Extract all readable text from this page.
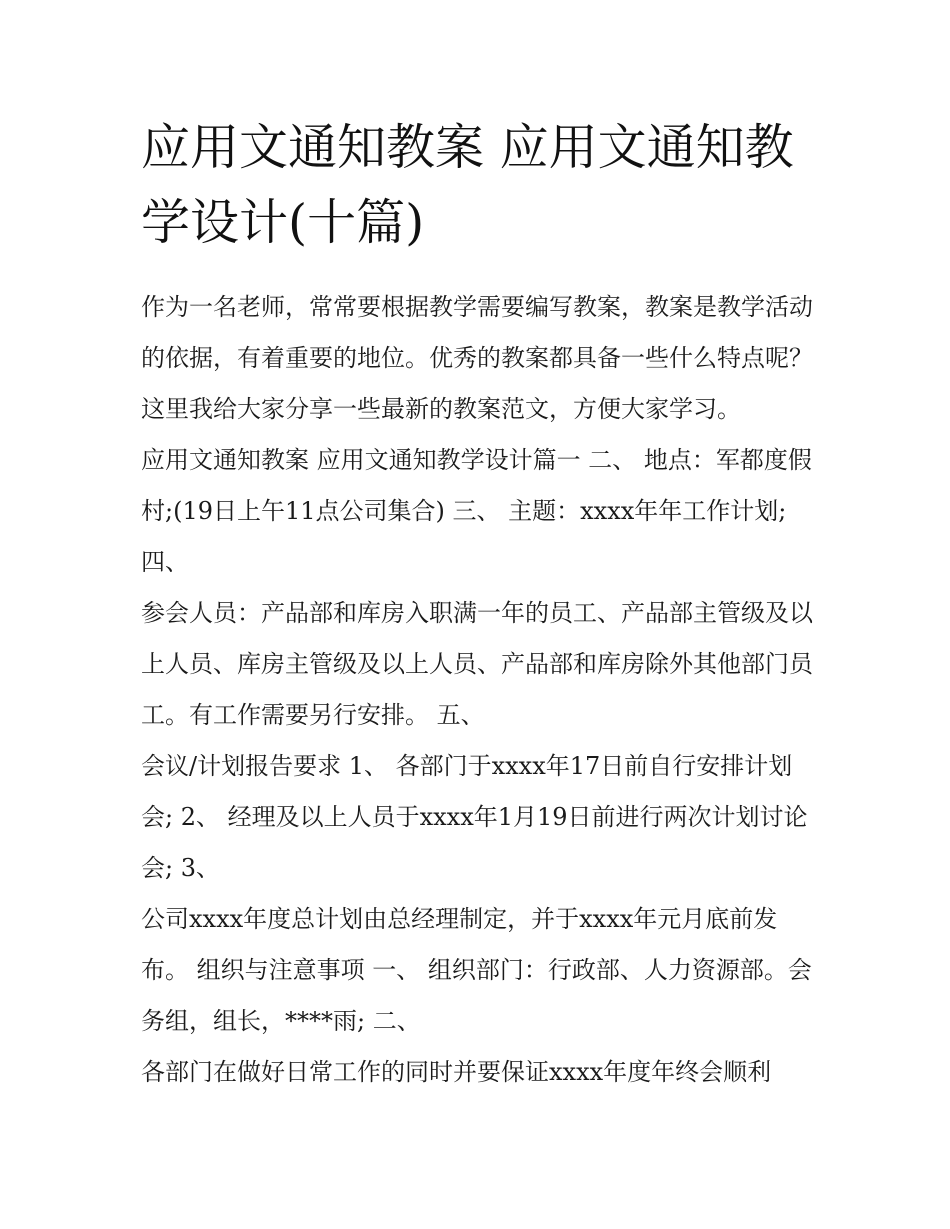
应用文通知教案 应用文通知教学设计(十篇)

作为一名老师，常常要根据教学需要编写教案，教案是教学活动的依据，有着重要的地位。优秀的教案都具备一些什么特点呢？这里我给大家分享一些最新的教案范文，方便大家学习。

应用文通知教案 应用文通知教学设计篇一 二、 地点：军都度假村;(19日上午11点公司集合) 三、 主题：xxxx年年工作计划; 四、

参会人员：产品部和库房入职满一年的员工、产品部主管级及以上人员、库房主管级及以上人员、产品部和库房除外其他部门员工。有工作需要另行安排。 五、

会议/计划报告要求 1、 各部门于xxxx年17日前自行安排计划会; 2、 经理及以上人员于xxxx年1月19日前进行两次计划讨论会; 3、

公司xxxx年度总计划由总经理制定，并于xxxx年元月底前发布。 组织与注意事项 一、 组织部门：行政部、人力资源部。会务组，组长，****雨; 二、

各部门在做好日常工作的同时并要保证xxxx年度年终会顺利
